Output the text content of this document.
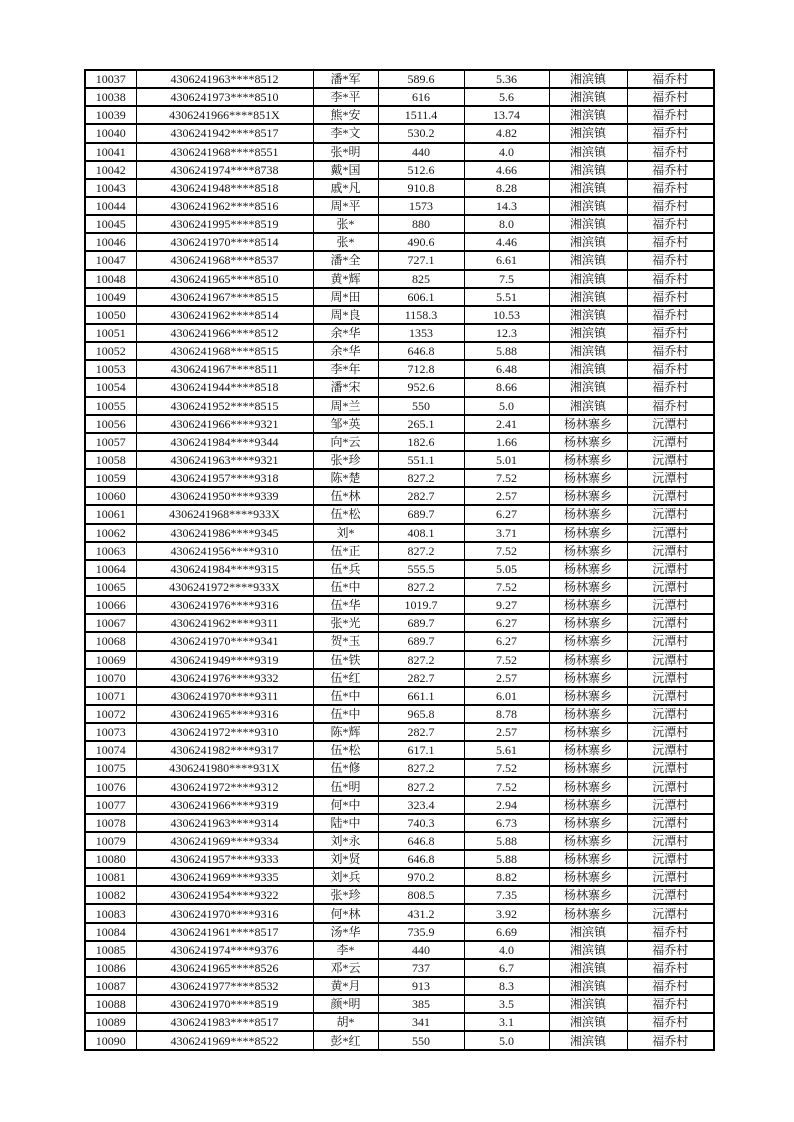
10037	4306241963****8512	潘*军	589.6	5.36	湘滨镇	福乔村
10038	4306241973****8510	李*平	616	5.6	湘滨镇	福乔村
10039	4306241966****851X	熊*安	1511.4	13.74	湘滨镇	福乔村
10040	4306241942****8517	李*文	530.2	4.82	湘滨镇	福乔村
10041	4306241968****8551	张*明	440	4.0	湘滨镇	福乔村
10042	4306241974****8738	戴*国	512.6	4.66	湘滨镇	福乔村
10043	4306241948****8518	戚*凡	910.8	8.28	湘滨镇	福乔村
10044	4306241962****8516	周*平	1573	14.3	湘滨镇	福乔村
10045	4306241995****8519	张*	880	8.0	湘滨镇	福乔村
10046	4306241970****8514	张*	490.6	4.46	湘滨镇	福乔村
10047	4306241968****8537	潘*全	727.1	6.61	湘滨镇	福乔村
10048	4306241965****8510	黄*辉	825	7.5	湘滨镇	福乔村
10049	4306241967****8515	周*田	606.1	5.51	湘滨镇	福乔村
10050	4306241962****8514	周*良	1158.3	10.53	湘滨镇	福乔村
10051	4306241966****8512	余*华	1353	12.3	湘滨镇	福乔村
10052	4306241968****8515	余*华	646.8	5.88	湘滨镇	福乔村
10053	4306241967****8511	李*年	712.8	6.48	湘滨镇	福乔村
10054	4306241944****8518	潘*宋	952.6	8.66	湘滨镇	福乔村
10055	4306241952****8515	周*兰	550	5.0	湘滨镇	福乔村
10056	4306241966****9321	邹*英	265.1	2.41	杨林寨乡	沅潭村
10057	4306241984****9344	向*云	182.6	1.66	杨林寨乡	沅潭村
10058	4306241963****9321	张*珍	551.1	5.01	杨林寨乡	沅潭村
10059	4306241957****9318	陈*楚	827.2	7.52	杨林寨乡	沅潭村
10060	4306241950****9339	伍*林	282.7	2.57	杨林寨乡	沅潭村
10061	4306241968****933X	伍*松	689.7	6.27	杨林寨乡	沅潭村
10062	4306241986****9345	刘*	408.1	3.71	杨林寨乡	沅潭村
10063	4306241956****9310	伍*正	827.2	7.52	杨林寨乡	沅潭村
10064	4306241984****9315	伍*兵	555.5	5.05	杨林寨乡	沅潭村
10065	4306241972****933X	伍*中	827.2	7.52	杨林寨乡	沅潭村
10066	4306241976****9316	伍*华	1019.7	9.27	杨林寨乡	沅潭村
10067	4306241962****9311	张*光	689.7	6.27	杨林寨乡	沅潭村
10068	4306241970****9341	贺*玉	689.7	6.27	杨林寨乡	沅潭村
10069	4306241949****9319	伍*铁	827.2	7.52	杨林寨乡	沅潭村
10070	4306241976****9332	伍*红	282.7	2.57	杨林寨乡	沅潭村
10071	4306241970****9311	伍*中	661.1	6.01	杨林寨乡	沅潭村
10072	4306241965****9316	伍*中	965.8	8.78	杨林寨乡	沅潭村
10073	4306241972****9310	陈*辉	282.7	2.57	杨林寨乡	沅潭村
10074	4306241982****9317	伍*松	617.1	5.61	杨林寨乡	沅潭村
10075	4306241980****931X	伍*修	827.2	7.52	杨林寨乡	沅潭村
10076	4306241972****9312	伍*明	827.2	7.52	杨林寨乡	沅潭村
10077	4306241966****9319	何*中	323.4	2.94	杨林寨乡	沅潭村
10078	4306241963****9314	陆*中	740.3	6.73	杨林寨乡	沅潭村
10079	4306241969****9334	刘*永	646.8	5.88	杨林寨乡	沅潭村
10080	4306241957****9333	刘*贤	646.8	5.88	杨林寨乡	沅潭村
10081	4306241969****9335	刘*兵	970.2	8.82	杨林寨乡	沅潭村
10082	4306241954****9322	张*珍	808.5	7.35	杨林寨乡	沅潭村
10083	4306241970****9316	何*林	431.2	3.92	杨林寨乡	沅潭村
10084	4306241961****8517	汤*华	735.9	6.69	湘滨镇	福乔村
10085	4306241974****9376	李*	440	4.0	湘滨镇	福乔村
10086	4306241965****8526	邓*云	737	6.7	湘滨镇	福乔村
10087	4306241977****8532	黄*月	913	8.3	湘滨镇	福乔村
10088	4306241970****8519	颜*明	385	3.5	湘滨镇	福乔村
10089	4306241983****8517	胡*	341	3.1	湘滨镇	福乔村
10090	4306241969****8522	彭*红	550	5.0	湘滨镇	福乔村
